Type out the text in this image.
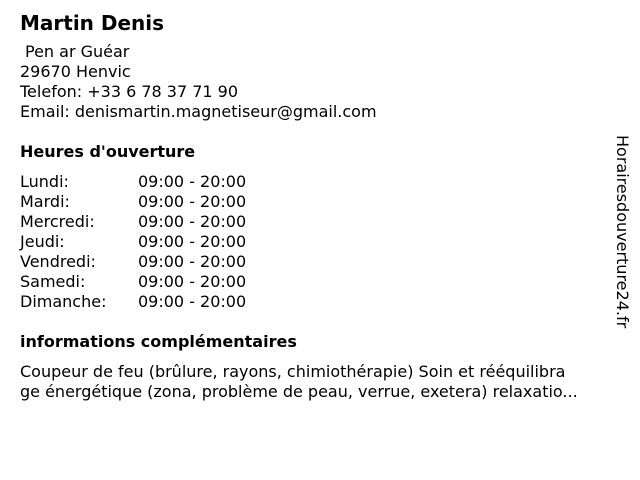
Martin Denis
Pen ar Guéar
29670 Henvic
Telefon: +33 6 78 37 71 90
Email: denismartin.magnetiseur@gmail.com
Heures d'ouverture
Lundi:	09:00 - 20:00
Mardi:	09:00 - 20:00
Mercredi:	09:00 - 20:00
Jeudi:	09:00 - 20:00
Vendredi:	09:00 - 20:00
Samedi:	09:00 - 20:00
Dimanche:	09:00 - 20:00
informations complémentaires
Coupeur de feu (brûlure, rayons, chimiothérapie) Soin et rééquilibra
ge énergétique (zona, problème de peau, verrue, exetera) relaxatio...
Horairesdouverture24.fr
